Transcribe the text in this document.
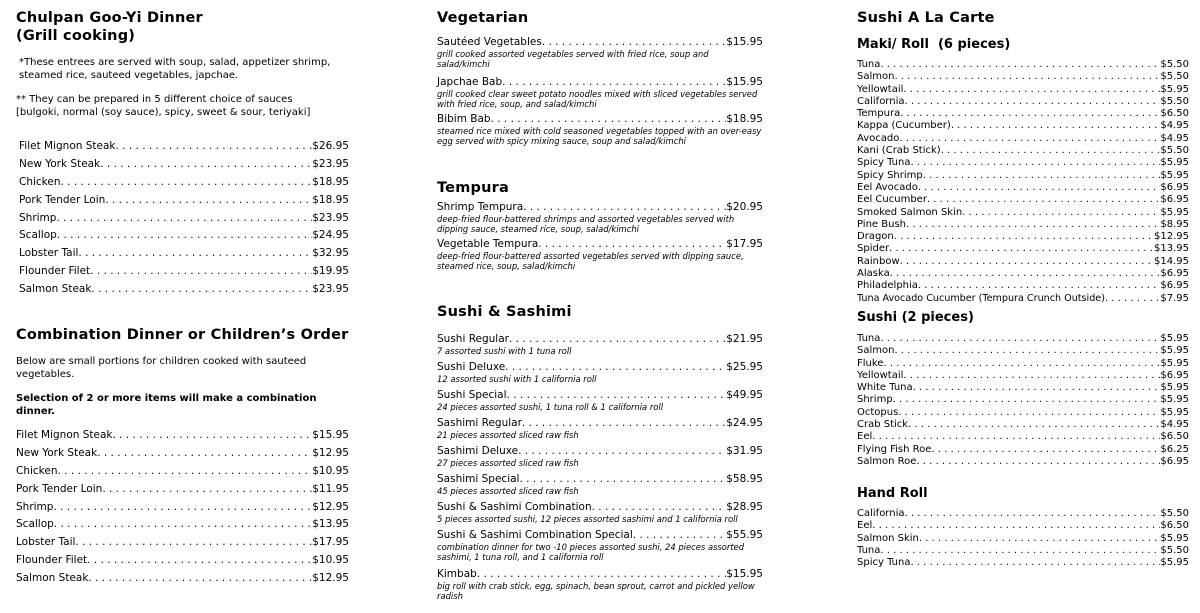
Chulpan Goo-Yi Dinner
(Grill cooking)

*These entrees are served with soup, salad, appetizer shrimp, steamed rice, sauteed vegetables, japchae.

** They can be prepared in 5 different choice of sauces

[bulgoki, normal (soy sauce), spicy, sweet & sour, teriyaki]

Filet Mignon Steak . . .	$26.95
New York Steak . . .	$23.95
Chicken . . .	$18.95
Pork Tender Loin . . .	$18.95
Shrimp . . .	$23.95
Scallop . . .	$24.95
Lobster Tail . . .	$32.95
Flounder Filet . . .	$19.95
Salmon Steak . . .	$23.95
Combination Dinner or Children’s Order

Below are small portions for children cooked with sauteed vegetables.

Selection of 2 or more items will make a combination dinner.

Filet Mignon Steak . . .	$15.95
New York Steak . . .	$12.95
Chicken . . .	$10.95
Pork Tender Loin . . .	$11.95
Shrimp . . .	$12.95
Scallop . . .	$13.95
Lobster Tail . . .	$17.95
Flounder Filet . . .	$10.95
Salmon Steak . . .	$12.95
Vegetarian
Sautéed Vegetables . . .	$15.95

grill cooked assorted vegetables served with fried rice, soup and salad/kimchi

Japchae Bab . . .	$15.95

grill cooked clear sweet potato noodles mixed with sliced vegetables served with fried rice, soup, and salad/kimchi

Bibim Bab . . .	$18.95

steamed rice mixed with cold seasoned vegetables topped with an over-easy egg served with spicy mixing sauce, soup and salad/kimchi

Tempura
Shrimp Tempura . . .	$20.95

deep-fried flour-battered shrimps and assorted vegetables served with dipping sauce, steamed rice, soup, salad/kimchi

Vegetable Tempura . . .	$17.95

deep-fried flour-battered assorted vegetables served with dipping sauce, steamed rice, soup, salad/kimchi

Sushi & Sashimi
Sushi Regular . . .	$21.95

7 assorted sushi with 1 tuna roll

Sushi Deluxe . . .	$25.95

12 assorted sushi with 1 california roll

Sushi Special . . .	$49.95

24 pieces assorted sushi, 1 tuna roll & 1 california roll

Sashimi Regular . . .	$24.95

21 pieces assorted sliced raw fish

Sashimi Deluxe . . .	$31.95

27 pieces assorted sliced raw fish

Sashimi Special . . .	$58.95

45 pieces assorted sliced raw fish

Sushi & Sashimi Combination . . .	$28.95

5 pieces assorted sushi, 12 pieces assorted sashimi and 1 california roll

Sushi & Sashimi Combination Special . . .	$55.95

combination dinner for two -10 pieces assorted sushi, 24 pieces assorted sashimi, 1 tuna roll, and 1 california roll

Kimbab . . .	$15.95

big roll with crab stick, egg, spinach, bean sprout, carrot and pickled yellow radish

Sushi A La Carte
Maki/ Roll  (6 pieces)
Tuna . . .	$5.50
Salmon . . .	$5.50
Yellowtail . . .	$5.95
California . . .	$5.50
Tempura . . .	$6.50
Kappa (Cucumber) . . .	$4.95
Avocado . . .	$4.95
Kani (Crab Stick) . . .	$5.50
Spicy Tuna . . .	$5.95
Spicy Shrimp . . .	$5.95
Eel Avocado . . .	$6.95
Eel Cucumber . . .	$6.95
Smoked Salmon Skin . . .	$5.95
Pine Bush . . .	$8.95
Dragon . . .	$12.95
Spider . . .	$13.95
Rainbow . . .	$14.95
Alaska . . .	$6.95
Philadelphia . . .	$6.95
Tuna Avocado Cucumber (Tempura Crunch Outside) . . .	$7.95
Sushi (2 pieces)
Tuna . . .	$5.95
Salmon . . .	$5.95
Fluke . . .	$5.95
Yellowtail . . .	$6.95
White Tuna . . .	$5.95
Shrimp . . .	$5.95
Octopus . . .	$5.95
Crab Stick . . .	$4.95
Eel . . .	$6.50
Flying Fish Roe . . .	$6.25
Salmon Roe . . .	$6.95
Hand Roll
California . . .	$5.50
Eel . . .	$6.50
Salmon Skin . . .	$5.95
Tuna . . .	$5.50
Spicy Tuna . . .	$5.95
